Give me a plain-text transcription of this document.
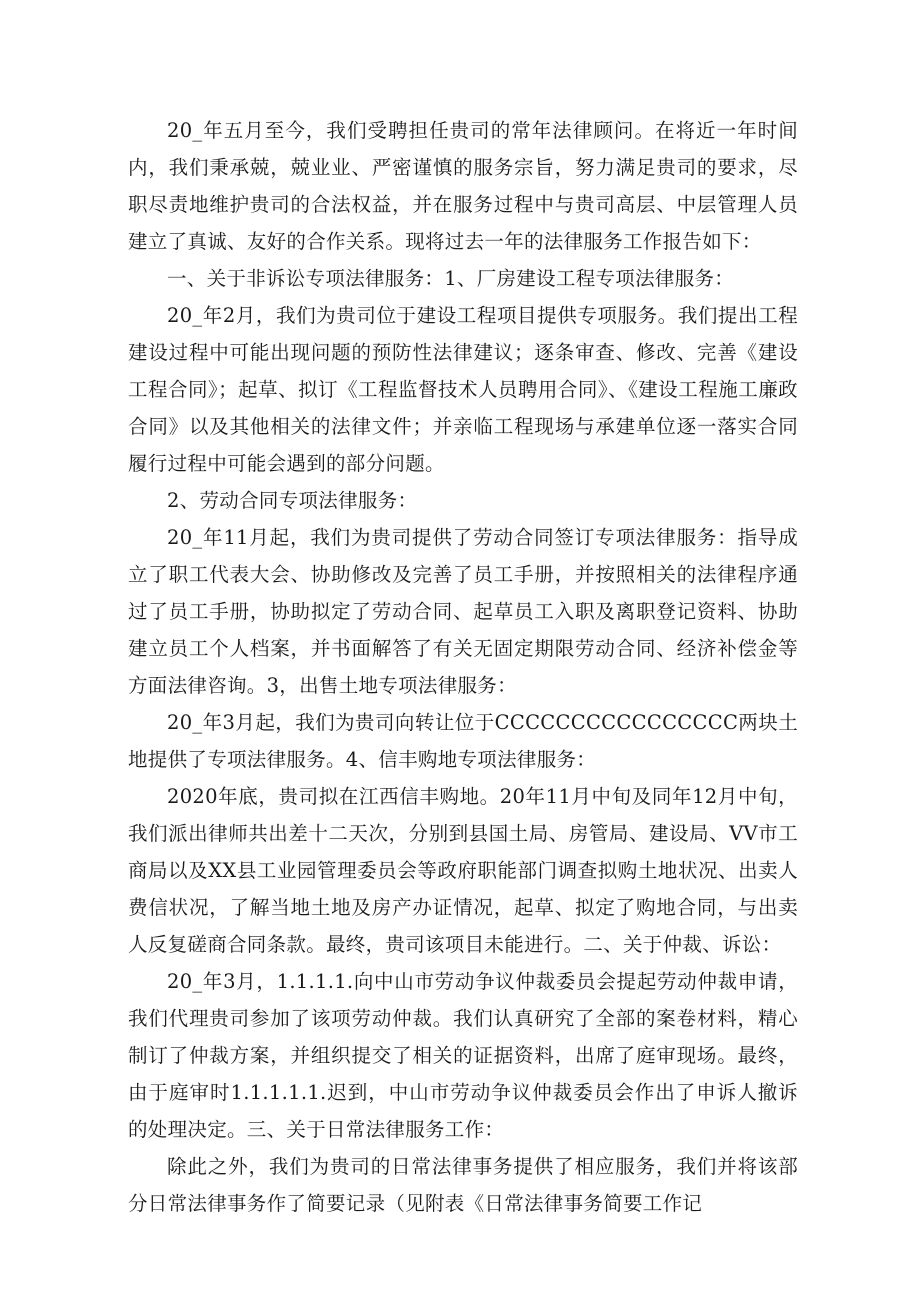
20_年五月至今，我们受聘担任贵司的常年法律顾问。在将近一年时间内，我们秉承兢，兢业业、严密谨慎的服务宗旨，努力满足贵司的要求，尽职尽责地维护贵司的合法权益，并在服务过程中与贵司高层、中层管理人员建立了真诚、友好的合作关系。现将过去一年的法律服务工作报告如下：

一、关于非诉讼专项法律服务：1、厂房建设工程专项法律服务：

20_年2月，我们为贵司位于建设工程项目提供专项服务。我们提出工程建设过程中可能出现问题的预防性法律建议；逐条审查、修改、完善《建设工程合同》；起草、拟订《工程监督技术人员聘用合同》、《建设工程施工廉政合同》以及其他相关的法律文件；并亲临工程现场与承建单位逐一落实合同履行过程中可能会遇到的部分问题。

2、劳动合同专项法律服务：

20_年11月起，我们为贵司提供了劳动合同签订专项法律服务：指导成立了职工代表大会、协助修改及完善了员工手册，并按照相关的法律程序通过了员工手册，协助拟定了劳动合同、起草员工入职及离职登记资料、协助建立员工个人档案，并书面解答了有关无固定期限劳动合同、经济补偿金等方面法律咨询。3，出售土地专项法律服务：

20_年3月起，我们为贵司向转让位于CCCCCCCCCCCCCCCC两块土地提供了专项法律服务。4、信丰购地专项法律服务：

2020年底，贵司拟在江西信丰购地。20年11月中旬及同年12月中旬，我们派出律师共出差十二天次，分别到县国土局、房管局、建设局、VV市工商局以及XX县工业园管理委员会等政府职能部门调查拟购土地状况、出卖人费信状况，了解当地土地及房产办证情况，起草、拟定了购地合同，与出卖人反复磋商合同条款。最终，贵司该项目未能进行。二、关于仲裁、诉讼：

20_年3月，1.1.1.1.向中山市劳动争议仲裁委员会提起劳动仲裁申请，我们代理贵司参加了该项劳动仲裁。我们认真研究了全部的案卷材料，精心制订了仲裁方案，并组织提交了相关的证据资料，出席了庭审现场。最终，由于庭审时1.1.1.1.1.迟到，中山市劳动争议仲裁委员会作出了申诉人撤诉的处理决定。三、关于日常法律服务工作：

除此之外，我们为贵司的日常法律事务提供了相应服务，我们并将该部分日常法律事务作了简要记录（见附表《日常法律事务简要工作记
